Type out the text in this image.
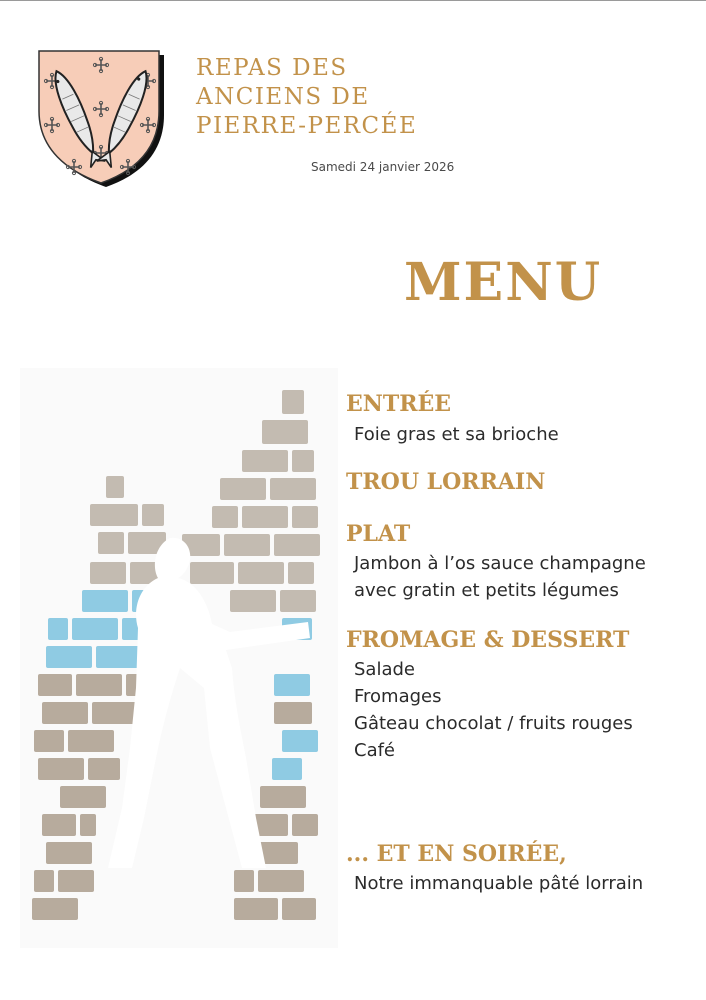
REPAS DES
ANCIENS DE
PIERRE-PERCÉE
Samedi 24 janvier 2026
MENU
ENTRÉE

Foie gras et sa brioche

TROU LORRAIN
PLAT

Jambon à l’os sauce champagne

avec gratin et petits légumes

FROMAGE & DESSERT

Salade

Fromages

Gâteau chocolat / fruits rouges

Café

... ET EN SOIRÉE,

Notre immanquable pâté lorrain
